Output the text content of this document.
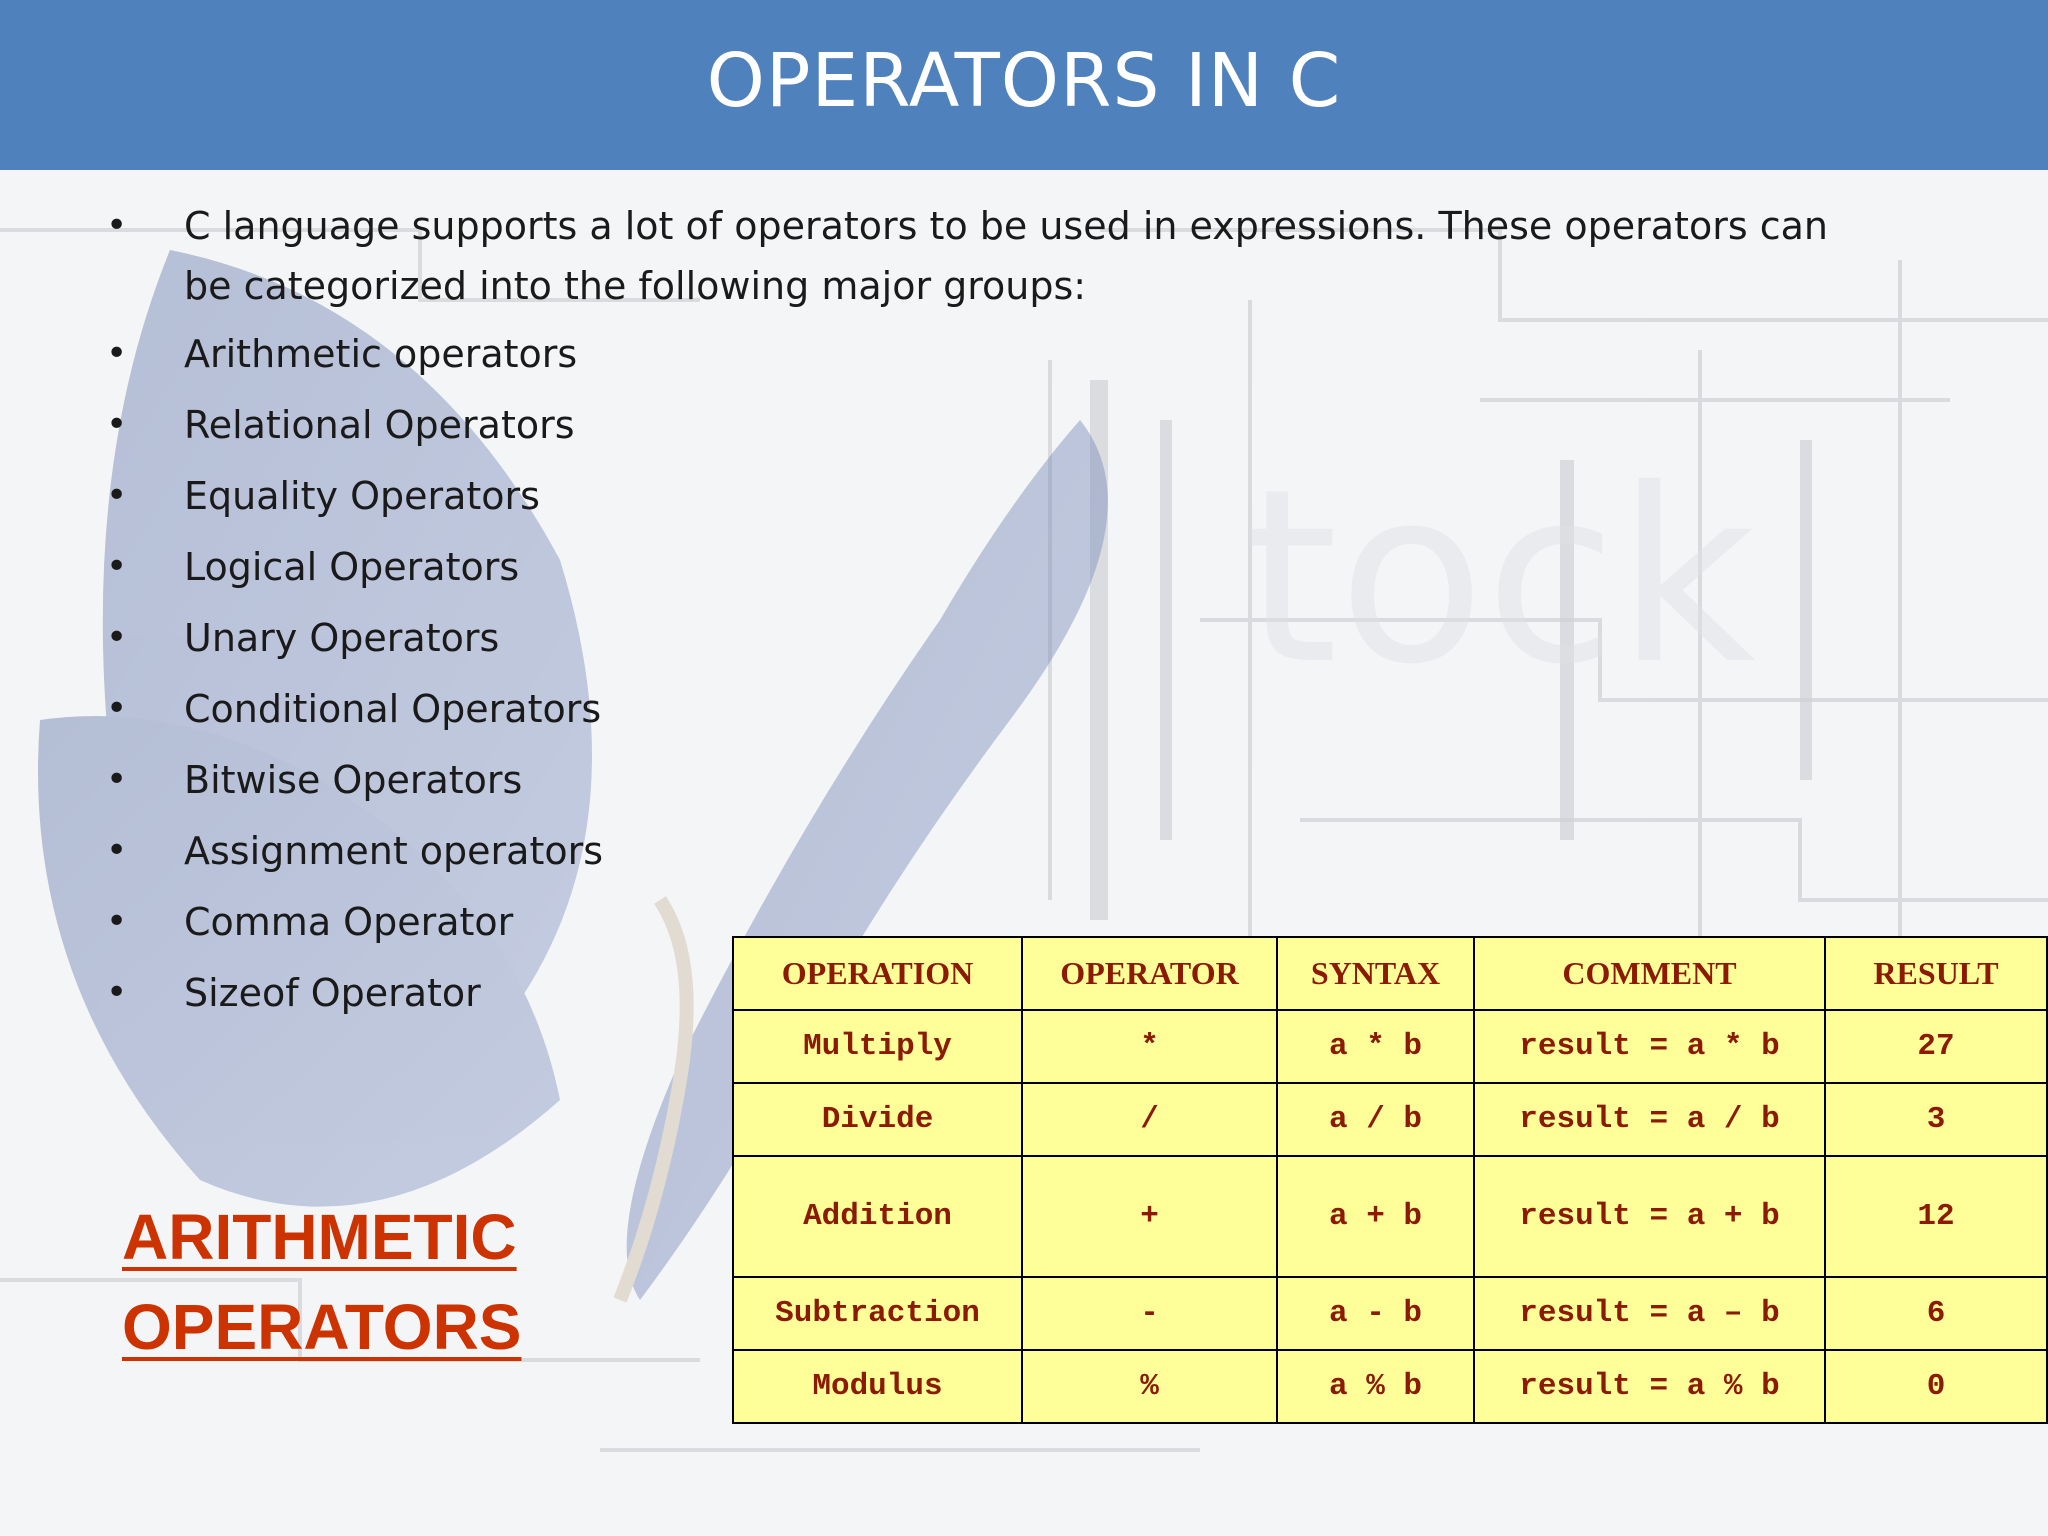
tock
OPERATORS IN C
• C language supports a lot of operators to be used in expressions. These operators can be categorized into the following major groups:
• Arithmetic operators
• Relational Operators
• Equality Operators
• Logical Operators
• Unary Operators
• Conditional Operators
• Bitwise Operators
• Assignment operators
• Comma Operator
• Sizeof Operator
ARITHMETIC
OPERATORS
OPERATION	OPERATOR	SYNTAX	COMMENT	RESULT
Multiply	*	a * b	result = a * b	27
Divide	/	a / b	result = a / b	3
Addition	+	a + b	result = a + b	12
Subtraction	-	a - b	result = a – b	6
Modulus	%	a % b	result = a % b	0
